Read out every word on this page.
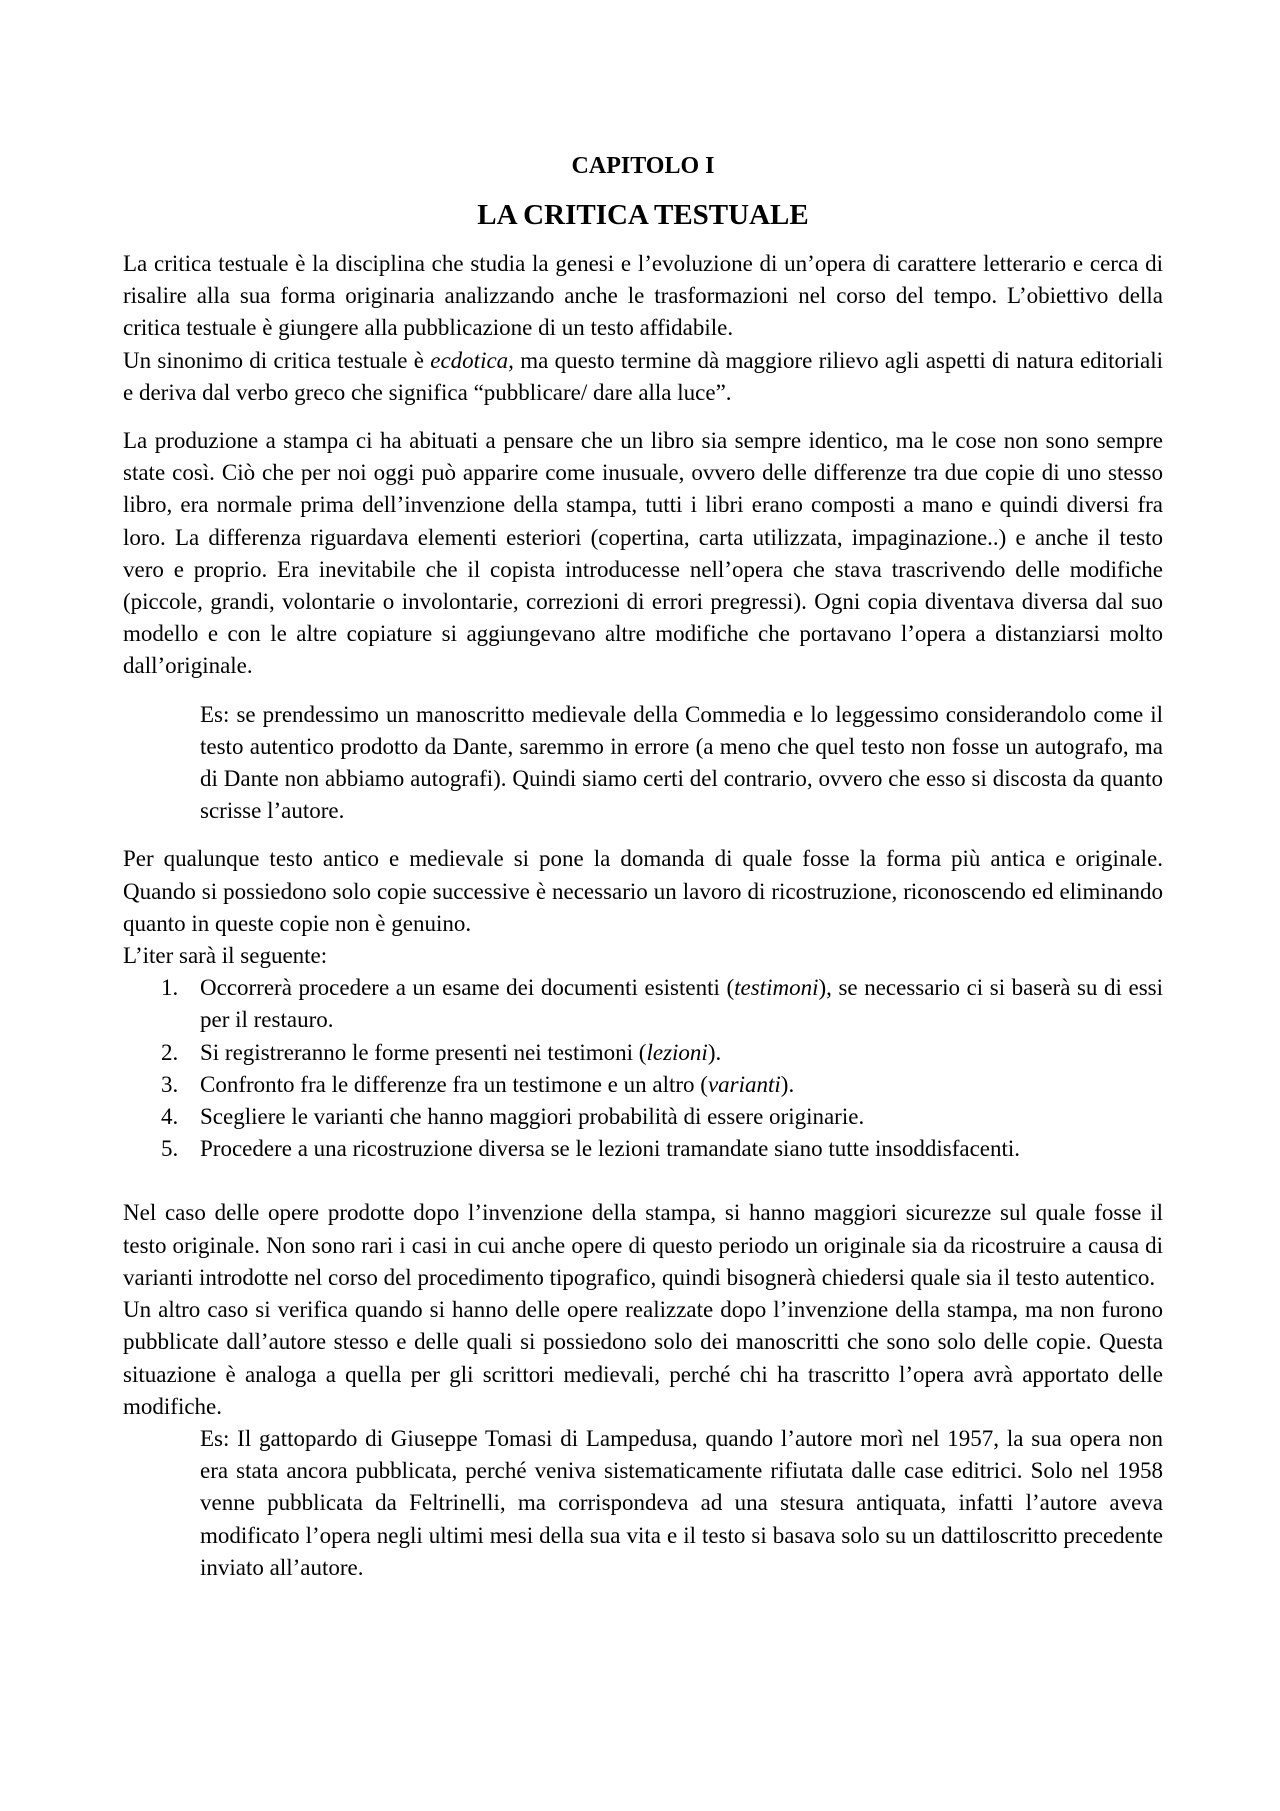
CAPITOLO I
LA CRITICA TESTUALE

La critica testuale è la disciplina che studia la genesi e l’evoluzione di un’opera di carattere letterario e cerca di risalire alla sua forma originaria analizzando anche le trasformazioni nel corso del tempo. L’obiettivo della critica testuale è giungere alla pubblicazione di un testo affidabile.

Un sinonimo di critica testuale è ecdotica, ma questo termine dà maggiore rilievo agli aspetti di natura editoriali e deriva dal verbo greco che significa “pubblicare/ dare alla luce”.

La produzione a stampa ci ha abituati a pensare che un libro sia sempre identico, ma le cose non sono sempre state così. Ciò che per noi oggi può apparire come inusuale, ovvero delle differenze tra due copie di uno stesso libro, era normale prima dell’invenzione della stampa, tutti i libri erano composti a mano e quindi diversi fra loro. La differenza riguardava elementi esteriori (copertina, carta utilizzata, impaginazione..) e anche il testo vero e proprio. Era inevitabile che il copista introducesse nell’opera che stava trascrivendo delle modifiche (piccole, grandi, volontarie o involontarie, correzioni di errori pregressi). Ogni copia diventava diversa dal suo modello e con le altre copiature si aggiungevano altre modifiche che portavano l’opera a distanziarsi molto dall’originale.

Es: se prendessimo un manoscritto medievale della Commedia e lo leggessimo considerandolo come il testo autentico prodotto da Dante, saremmo in errore (a meno che quel testo non fosse un autografo, ma di Dante non abbiamo autografi). Quindi siamo certi del contrario, ovvero che esso si discosta da quanto scrisse l’autore.

Per qualunque testo antico e medievale si pone la domanda di quale fosse la forma più antica e originale. Quando si possiedono solo copie successive è necessario un lavoro di ricostruzione, riconoscendo ed eliminando quanto in queste copie non è genuino.

L’iter sarà il seguente:

1. Occorrerà procedere a un esame dei documenti esistenti (testimoni), se necessario ci si baserà su di essi per il restauro.
2. Si registreranno le forme presenti nei testimoni (lezioni).
3. Confronto fra le differenze fra un testimone e un altro (varianti).
4. Scegliere le varianti che hanno maggiori probabilità di essere originarie.
5. Procedere a una ricostruzione diversa se le lezioni tramandate siano tutte insoddisfacenti.

Nel caso delle opere prodotte dopo l’invenzione della stampa, si hanno maggiori sicurezze sul quale fosse il testo originale. Non sono rari i casi in cui anche opere di questo periodo un originale sia da ricostruire a causa di varianti introdotte nel corso del procedimento tipografico, quindi bisognerà chiedersi quale sia il testo autentico.

Un altro caso si verifica quando si hanno delle opere realizzate dopo l’invenzione della stampa, ma non furono pubblicate dall’autore stesso e delle quali si possiedono solo dei manoscritti che sono solo delle copie. Questa situazione è analoga a quella per gli scrittori medievali, perché chi ha trascritto l’opera avrà apportato delle modifiche.

Es: Il gattopardo di Giuseppe Tomasi di Lampedusa, quando l’autore morì nel 1957, la sua opera non era stata ancora pubblicata, perché veniva sistematicamente rifiutata dalle case editrici. Solo nel 1958 venne pubblicata da Feltrinelli, ma corrispondeva ad una stesura antiquata, infatti l’autore aveva modificato l’opera negli ultimi mesi della sua vita e il testo si basava solo su un dattiloscritto precedente inviato all’autore.
